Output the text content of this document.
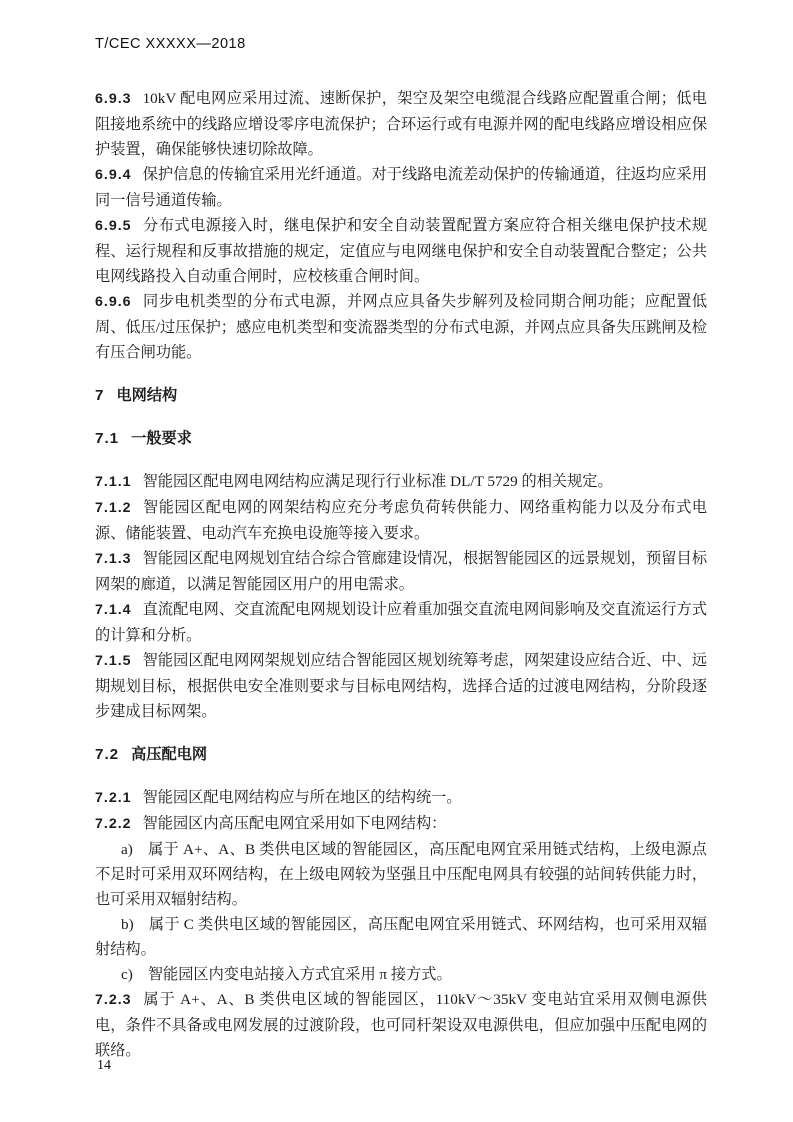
T/CEC XXXXX—2018

6.9.3 10kV 配电网应采用过流、速断保护，架空及架空电缆混合线路应配置重合闸；低电阻接地系统中的线路应增设零序电流保护；合环运行或有电源并网的配电线路应增设相应保护装置，确保能够快速切除故障。

6.9.4 保护信息的传输宜采用光纤通道。对于线路电流差动保护的传输通道，往返均应采用同一信号通道传输。

6.9.5 分布式电源接入时，继电保护和安全自动装置配置方案应符合相关继电保护技术规程、运行规程和反事故措施的规定，定值应与电网继电保护和安全自动装置配合整定；公共电网线路投入自动重合闸时，应校核重合闸时间。

6.9.6 同步电机类型的分布式电源，并网点应具备失步解列及检同期合闸功能；应配置低周、低压/过压保护；感应电机类型和变流器类型的分布式电源，并网点应具备失压跳闸及检有压合闸功能。

7 电网结构
7.1 一般要求

7.1.1 智能园区配电网电网结构应满足现行行业标准 DL/T 5729 的相关规定。

7.1.2 智能园区配电网的网架结构应充分考虑负荷转供能力、网络重构能力以及分布式电源、储能装置、电动汽车充换电设施等接入要求。

7.1.3 智能园区配电网规划宜结合综合管廊建设情况，根据智能园区的远景规划，预留目标网架的廊道，以满足智能园区用户的用电需求。

7.1.4 直流配电网、交直流配电网规划设计应着重加强交直流电网间影响及交直流运行方式的计算和分析。

7.1.5 智能园区配电网网架规划应结合智能园区规划统筹考虑，网架建设应结合近、中、远期规划目标，根据供电安全准则要求与目标电网结构，选择合适的过渡电网结构，分阶段逐步建成目标网架。

7.2 高压配电网

7.2.1 智能园区配电网结构应与所在地区的结构统一。

7.2.2 智能园区内高压配电网宜采用如下电网结构：

a) 属于 A+、A、B 类供电区域的智能园区，高压配电网宜采用链式结构，上级电源点不足时可采用双环网结构，在上级电网较为坚强且中压配电网具有较强的站间转供能力时，也可采用双辐射结构。

b) 属于 C 类供电区域的智能园区，高压配电网宜采用链式、环网结构，也可采用双辐射结构。

c) 智能园区内变电站接入方式宜采用 π 接方式。

7.2.3 属于 A+、A、B 类供电区域的智能园区，110kV～35kV 变电站宜采用双侧电源供电，条件不具备或电网发展的过渡阶段，也可同杆架设双电源供电，但应加强中压配电网的联络。

14
